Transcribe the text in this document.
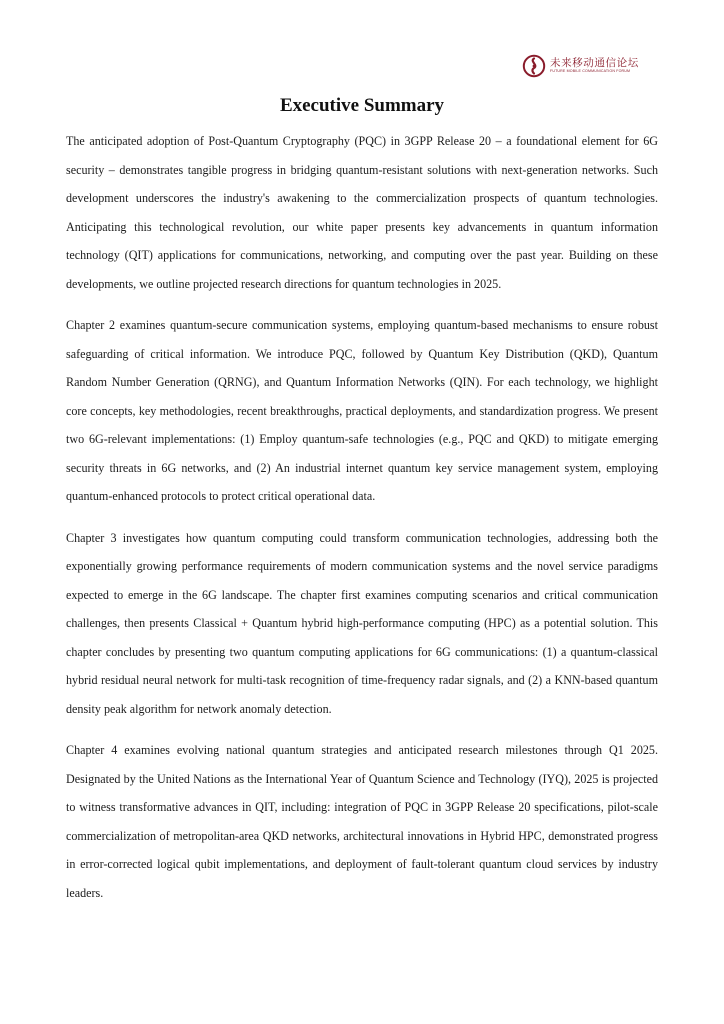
未来移动通信论坛
FUTURE MOBILE COMMUNICATION FORUM
Executive Summary

The anticipated adoption of Post-Quantum Cryptography (PQC) in 3GPP Release 20 – a foundational element for 6G security – demonstrates tangible progress in bridging quantum-resistant solutions with next-generation networks. Such development underscores the industry's awakening to the commercialization prospects of quantum technologies. Anticipating this technological revolution, our white paper presents key advancements in quantum information technology (QIT) applications for communications, networking, and computing over the past year. Building on these developments, we outline projected research directions for quantum technologies in 2025.

Chapter 2 examines quantum-secure communication systems, employing quantum-based mechanisms to ensure robust safeguarding of critical information. We introduce PQC, followed by Quantum Key Distribution (QKD), Quantum Random Number Generation (QRNG), and Quantum Information Networks (QIN). For each technology, we highlight core concepts, key methodologies, recent breakthroughs, practical deployments, and standardization progress. We present two 6G-relevant implementations: (1) Employ quantum-safe technologies (e.g., PQC and QKD) to mitigate emerging security threats in 6G networks, and (2) An industrial internet quantum key service management system, employing quantum-enhanced protocols to protect critical operational data.

Chapter 3 investigates how quantum computing could transform communication technologies, addressing both the exponentially growing performance requirements of modern communication systems and the novel service paradigms expected to emerge in the 6G landscape. The chapter first examines computing scenarios and critical communication challenges, then presents Classical + Quantum hybrid high-performance computing (HPC) as a potential solution. This chapter concludes by presenting two quantum computing applications for 6G communications: (1) a quantum-classical hybrid residual neural network for multi-task recognition of time-frequency radar signals, and (2) a KNN-based quantum density peak algorithm for network anomaly detection.

Chapter 4 examines evolving national quantum strategies and anticipated research milestones through Q1 2025. Designated by the United Nations as the International Year of Quantum Science and Technology (IYQ), 2025 is projected to witness transformative advances in QIT, including: integration of PQC in 3GPP Release 20 specifications, pilot-scale commercialization of metropolitan-area QKD networks, architectural innovations in Hybrid HPC, demonstrated progress in error-corrected logical qubit implementations, and deployment of fault-tolerant quantum cloud services by industry leaders.
